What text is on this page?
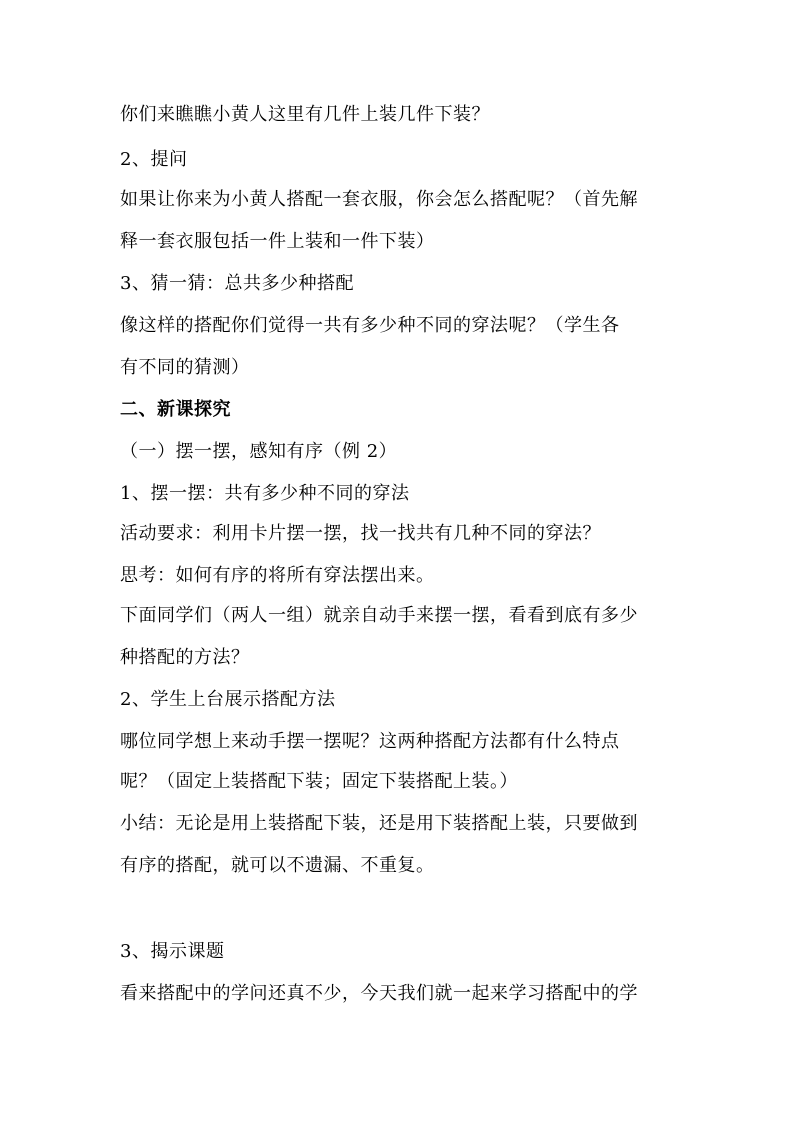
你们来瞧瞧小黄人这里有几件上装几件下装？
2、提问
如果让你来为小黄人搭配一套衣服，你会怎么搭配呢？（首先解
释一套衣服包括一件上装和一件下装）
3、猜一猜：总共多少种搭配
像这样的搭配你们觉得一共有多少种不同的穿法呢？（学生各
有不同的猜测）
二、新课探究
（一）摆一摆，感知有序（例 2）
1、摆一摆：共有多少种不同的穿法
活动要求：利用卡片摆一摆，找一找共有几种不同的穿法？
思考：如何有序的将所有穿法摆出来。
下面同学们（两人一组）就亲自动手来摆一摆，看看到底有多少
种搭配的方法？
2、学生上台展示搭配方法
哪位同学想上来动手摆一摆呢？这两种搭配方法都有什么特点
呢？（固定上装搭配下装；固定下装搭配上装。）
小结：无论是用上装搭配下装，还是用下装搭配上装，只要做到
有序的搭配，就可以不遗漏、不重复。
3、揭示课题
看来搭配中的学问还真不少，今天我们就一起来学习搭配中的学
